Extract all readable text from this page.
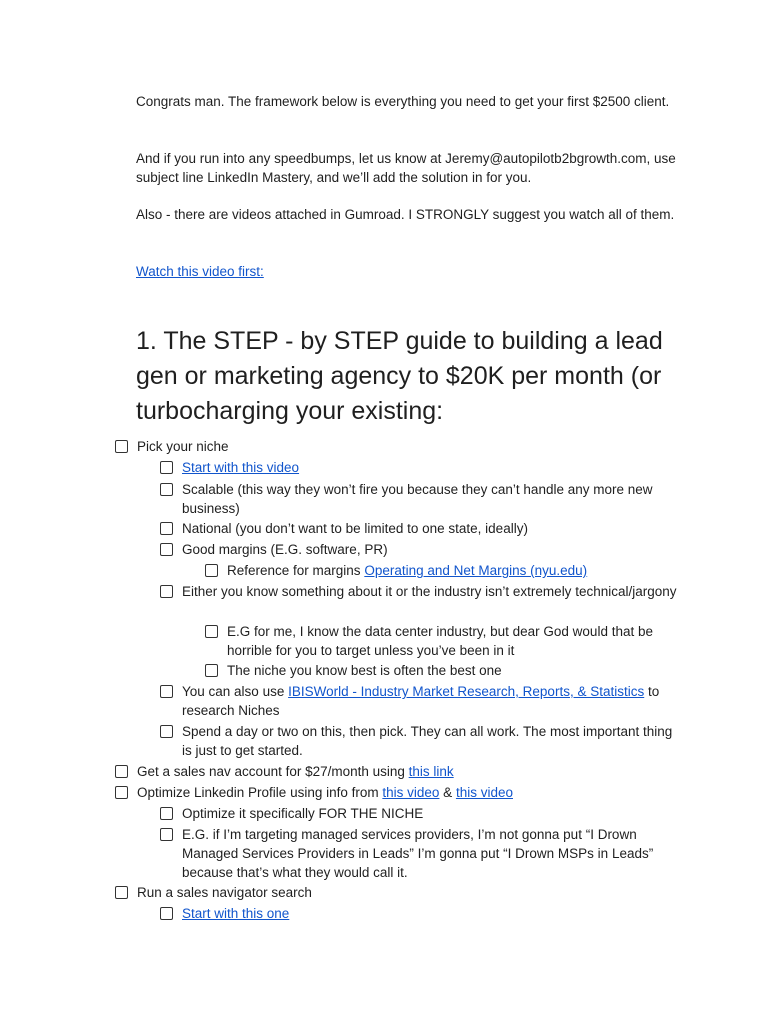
Congrats man. The framework below is everything you need to get your first $2500 client.

And if you run into any speedbumps, let us know at Jeremy@autopilotb2bgrowth.com, use subject line LinkedIn Mastery, and we’ll add the solution in for you.

Also - there are videos attached in Gumroad. I STRONGLY suggest you watch all of them.

Watch this video first:

1. The STEP - by STEP guide to building a lead gen or marketing agency to $20K per month (or turbocharging your existing:
Pick your niche
Start with this video
Scalable (this way they won’t fire you because they can’t handle any more new business)
National (you don’t want to be limited to one state, ideally)
Good margins (E.G. software, PR)
Reference for margins Operating and Net Margins (nyu.edu)
Either you know something about it or the industry isn’t extremely technical/jargony
E.G for me, I know the data center industry, but dear God would that be horrible for you to target unless you’ve been in it
The niche you know best is often the best one
You can also use IBISWorld - Industry Market Research, Reports, & Statistics to research Niches
Spend a day or two on this, then pick. They can all work. The most important thing is just to get started.
Get a sales nav account for $27/month using this link
Optimize Linkedin Profile using info from this video & this video
Optimize it specifically FOR THE NICHE
E.G. if I’m targeting managed services providers, I’m not gonna put “I Drown Managed Services Providers in Leads” I’m gonna put “I Drown MSPs in Leads” because that’s what they would call it.
Run a sales navigator search
Start with this one
